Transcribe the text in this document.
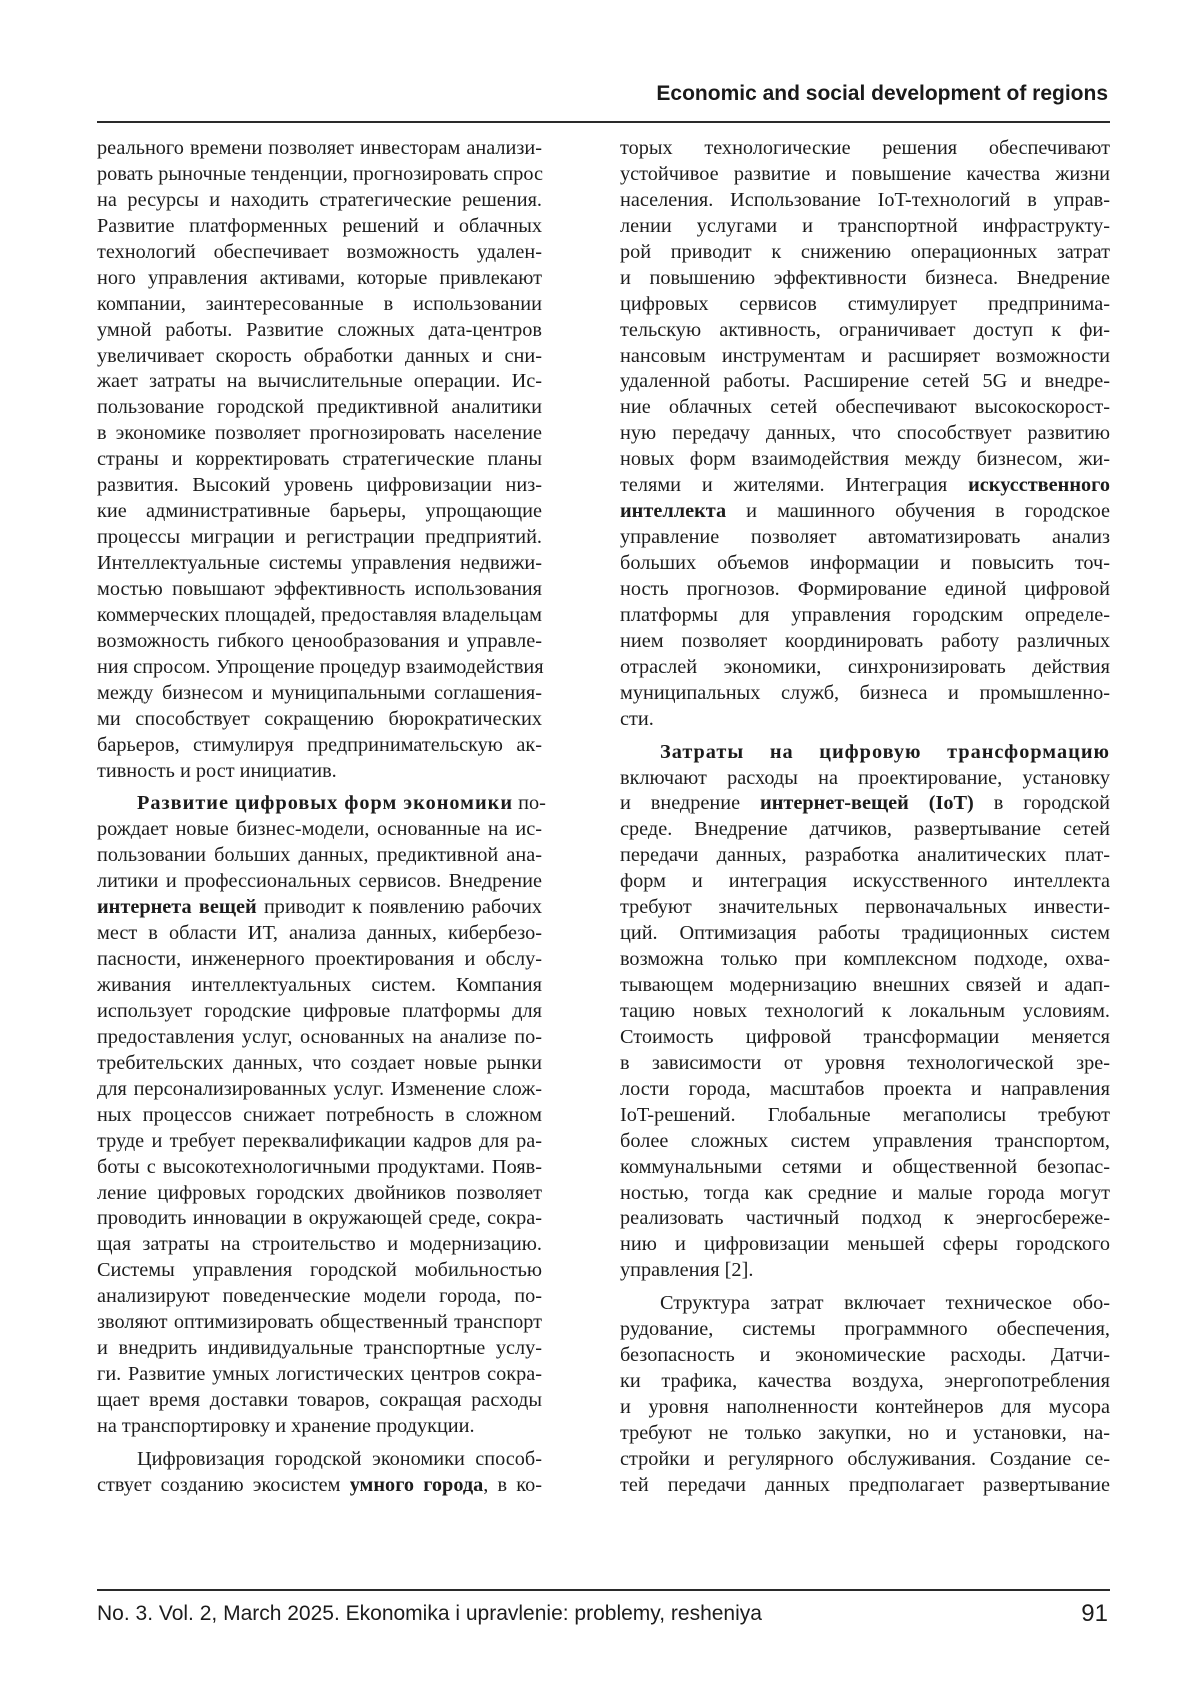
Economic and social development of regions
реального времени позволяет инвесторам анализи-
ровать рыночные тенденции, прогнозировать спрос
на ресурсы и находить стратегические решения.
Развитие платформенных решений и облачных
технологий обеспечивает возможность удален-
ного управления активами, которые привлекают
компании, заинтересованные в использовании
умной работы. Развитие сложных дата-центров
увеличивает скорость обработки данных и сни-
жает затраты на вычислительные операции. Ис-
пользование городской предиктивной аналитики
в экономике позволяет прогнозировать население
страны и корректировать стратегические планы
развития. Высокий уровень цифровизации низ-
кие административные барьеры, упрощающие
процессы миграции и регистрации предприятий.
Интеллектуальные системы управления недвижи-
мостью повышают эффективность использования
коммерческих площадей, предоставляя владельцам
возможность гибкого ценообразования и управле-
ния спросом. Упрощение процедур взаимодействия
между бизнесом и муниципальными соглашения-
ми способствует сокращению бюрократических
барьеров, стимулируя предпринимательскую ак-
тивность и рост инициатив.
Развитие цифровых форм экономики по-
рождает новые бизнес-модели, основанные на ис-
пользовании больших данных, предиктивной ана-
литики и профессиональных сервисов. Внедрение
интернета вещей приводит к появлению рабочих
мест в области ИТ, анализа данных, кибербезо-
пасности, инженерного проектирования и обслу-
живания интеллектуальных систем. Компания
использует городские цифровые платформы для
предоставления услуг, основанных на анализе по-
требительских данных, что создает новые рынки
для персонализированных услуг. Изменение слож-
ных процессов снижает потребность в сложном
труде и требует переквалификации кадров для ра-
боты с высокотехнологичными продуктами. Появ-
ление цифровых городских двойников позволяет
проводить инновации в окружающей среде, сокра-
щая затраты на строительство и модернизацию.
Системы управления городской мобильностью
анализируют поведенческие модели города, по-
зволяют оптимизировать общественный транспорт
и внедрить индивидуальные транспортные услу-
ги. Развитие умных логистических центров сокра-
щает время доставки товаров, сокращая расходы
на транспортировку и хранение продукции.
Цифровизация городской экономики способ-
ствует созданию экосистем умного города, в ко-
торых технологические решения обеспечивают
устойчивое развитие и повышение качества жизни
населения. Использование IoT-технологий в управ-
лении услугами и транспортной инфраструкту-
рой приводит к снижению операционных затрат
и повышению эффективности бизнеса. Внедрение
цифровых сервисов стимулирует предпринима-
тельскую активность, ограничивает доступ к фи-
нансовым инструментам и расширяет возможности
удаленной работы. Расширение сетей 5G и внедре-
ние облачных сетей обеспечивают высокоскорост-
ную передачу данных, что способствует развитию
новых форм взаимодействия между бизнесом, жи-
телями и жителями. Интеграция искусственного
интеллекта и машинного обучения в городское
управление позволяет автоматизировать анализ
больших объемов информации и повысить точ-
ность прогнозов. Формирование единой цифровой
платформы для управления городским определе-
нием позволяет координировать работу различных
отраслей экономики, синхронизировать действия
муниципальных служб, бизнеса и промышленно-
сти.
Затраты на цифровую трансформацию
включают расходы на проектирование, установку
и внедрение интернет-вещей (IoT) в городской
среде. Внедрение датчиков, развертывание сетей
передачи данных, разработка аналитических плат-
форм и интеграция искусственного интеллекта
требуют значительных первоначальных инвести-
ций. Оптимизация работы традиционных систем
возможна только при комплексном подходе, охва-
тывающем модернизацию внешних связей и адап-
тацию новых технологий к локальным условиям.
Стоимость цифровой трансформации меняется
в зависимости от уровня технологической зре-
лости города, масштабов проекта и направления
IoT-решений. Глобальные мегаполисы требуют
более сложных систем управления транспортом,
коммунальными сетями и общественной безопас-
ностью, тогда как средние и малые города могут
реализовать частичный подход к энергосбереже-
нию и цифровизации меньшей сферы городского
управления [2].
Структура затрат включает техническое обо-
рудование, системы программного обеспечения,
безопасность и экономические расходы. Датчи-
ки трафика, качества воздуха, энергопотребления
и уровня наполненности контейнеров для мусора
требуют не только закупки, но и установки, на-
стройки и регулярного обслуживания. Создание се-
тей передачи данных предполагает развертывание
No. 3. Vol. 2, March 2025. Ekonomika i upravlenie: problemy, resheniya	91
